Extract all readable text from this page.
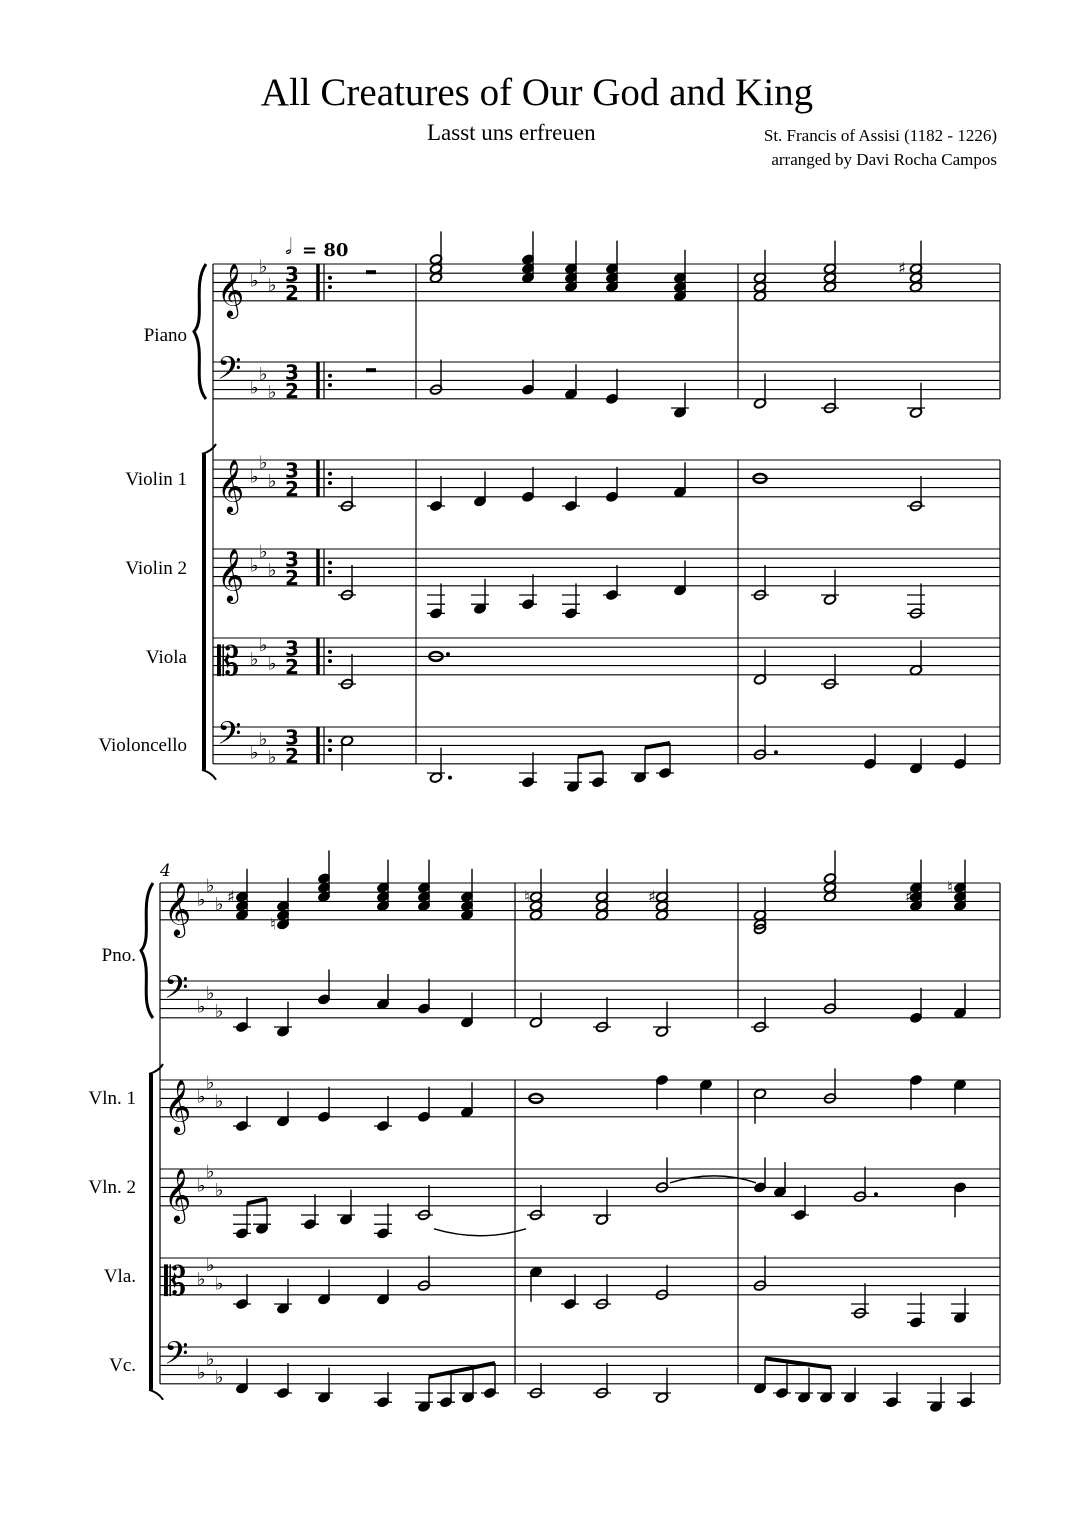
All Creatures of Our God and King
Lasst uns erfreuen	St. Francis of Assisi (1182 - 1226)
arranged by Davi Rocha Campos
Piano
Violin 1
Violin 2
Viola
Violoncello
Pno.
Vln. 1
Vln. 2
Vla.
Vc.
𝄞 ♭
♭
♭ 3
2
𝄢 ♭
♭
♭
3
2
𝄞 ♭
♭
♭ 3
2
𝄞 ♭
♭
♭ 3
2
𝄡 ♭
♭
♭
3
2
𝄢 ♭
♭
♭
3
2
𝅗𝅥 = 80
♯
4
𝄞 ♭
♭
♭
𝄢 ♭
♭
♭
𝄞 ♭
♭
♭
𝄞 ♭
♭
♭
𝄡 ♭
♭
♭
𝄢 ♭
♭
♭
♯
♮
♮	♯	♯ ♮
